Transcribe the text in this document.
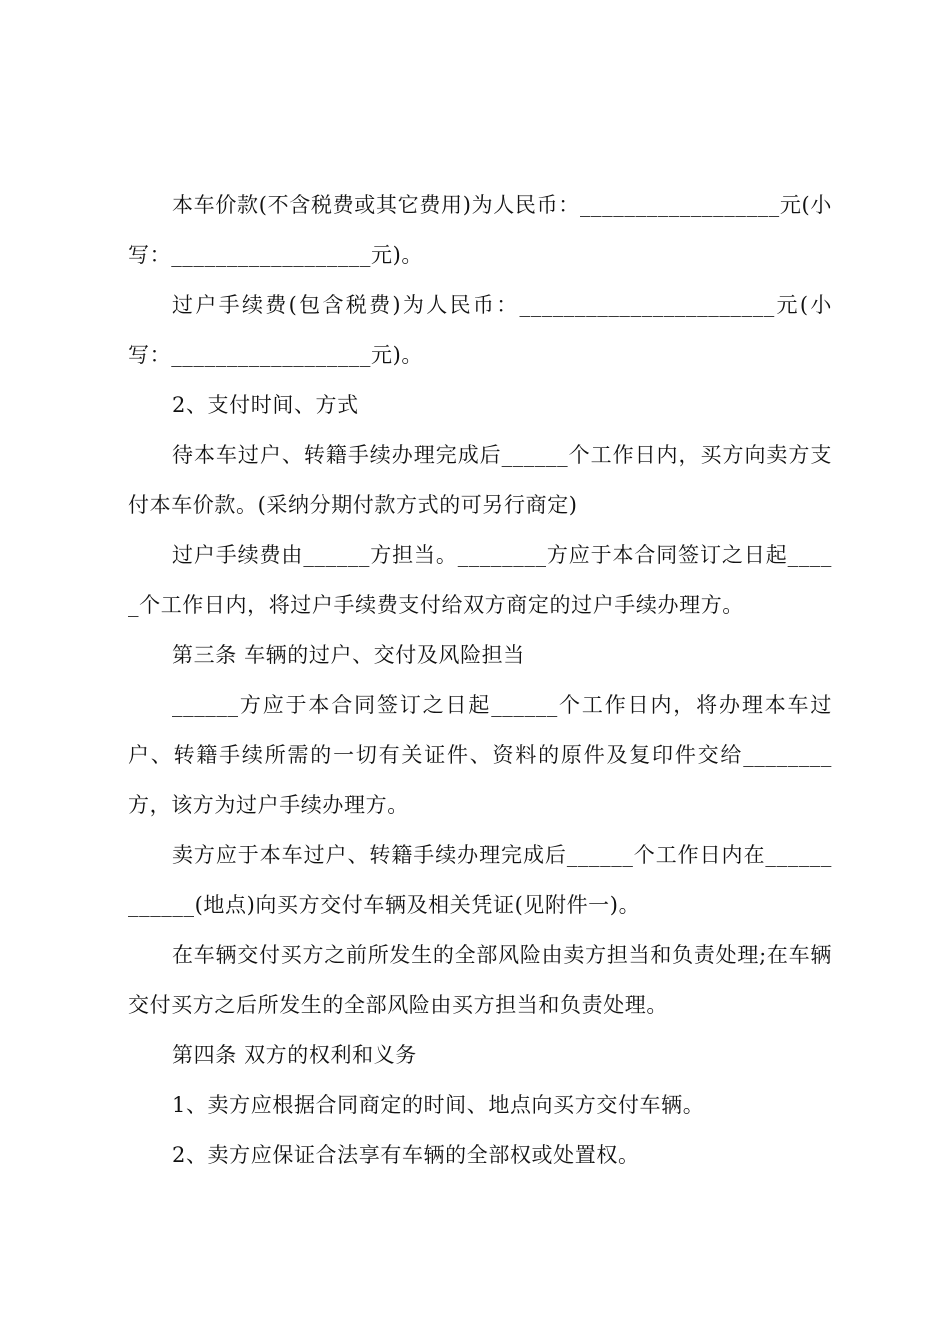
本车价款(不含税费或其它费用)为人民币：__________________元(小写：__________________元)。

过户手续费(包含税费)为人民币：_______________________元(小写：__________________元)。

2、支付时间、方式

待本车过户、转籍手续办理完成后______个工作日内，买方向卖方支付本车价款。(采纳分期付款方式的可另行商定)

过户手续费由______方担当。________方应于本合同签订之日起_____个工作日内，将过户手续费支付给双方商定的过户手续办理方。

第三条 车辆的过户、交付及风险担当

______方应于本合同签订之日起______个工作日内，将办理本车过户、转籍手续所需的一切有关证件、资料的原件及复印件交给________方，该方为过户手续办理方。

卖方应于本车过户、转籍手续办理完成后______个工作日内在____________(地点)向买方交付车辆及相关凭证(见附件一)。

在车辆交付买方之前所发生的全部风险由卖方担当和负责处理;在车辆交付买方之后所发生的全部风险由买方担当和负责处理。

第四条 双方的权利和义务

1、卖方应根据合同商定的时间、地点向买方交付车辆。

2、卖方应保证合法享有车辆的全部权或处置权。
